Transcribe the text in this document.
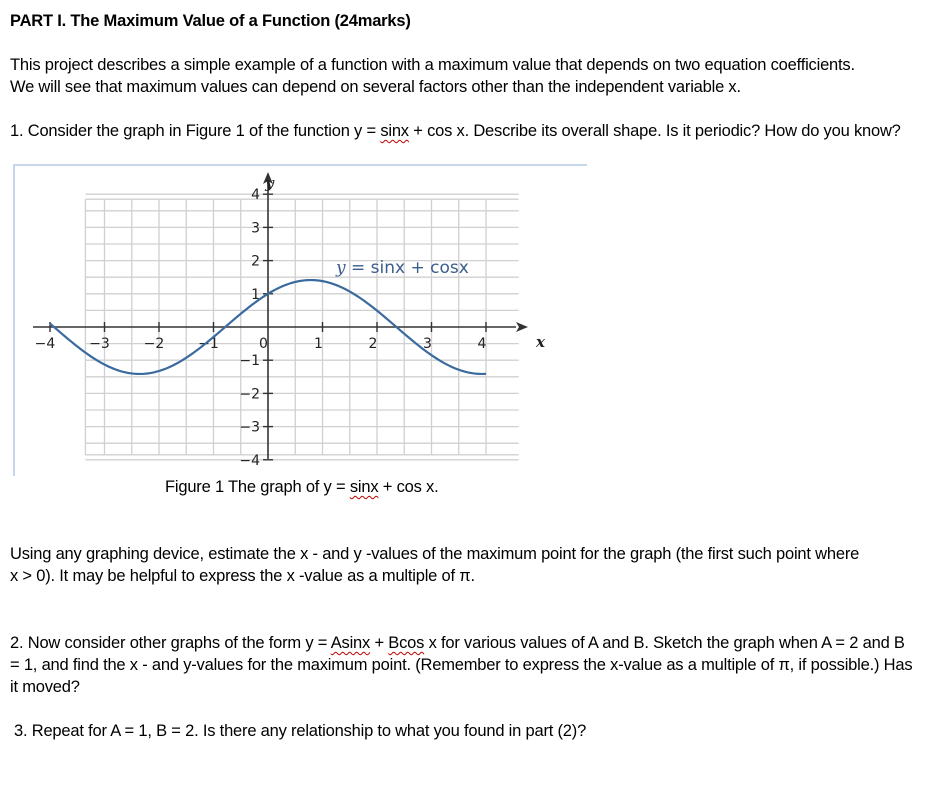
PART I. The Maximum Value of a Function (24marks)

This project describes a simple example of a function with a maximum value that depends on two equation coefficients.
We will see that maximum values can depend on several factors other than the independent variable x.

1. Consider the graph in Figure 1 of the function y = sinx + cos x. Describe its overall shape. Is it periodic? How do you know?

−4 −3 −2 −1	1	2	3	4
4
3
2
1
−1
−2
−3
−4
y = sinx + cosx
y
x
0
Figure 1 The graph of y = sinx + cos x.

Using any graphing device, estimate the x - and y -values of the maximum point for the graph (the first such point where
x > 0). It may be helpful to express the x -value as a multiple of π.

2. Now consider other graphs of the form y = Asinx + Bcos x for various values of A and B. Sketch the graph when A = 2 and B = 1, and find the x - and y-values for the maximum point. (Remember to express the x-value as a multiple of π, if possible.) Has it moved?

3. Repeat for A = 1, B = 2. Is there any relationship to what you found in part (2)?
